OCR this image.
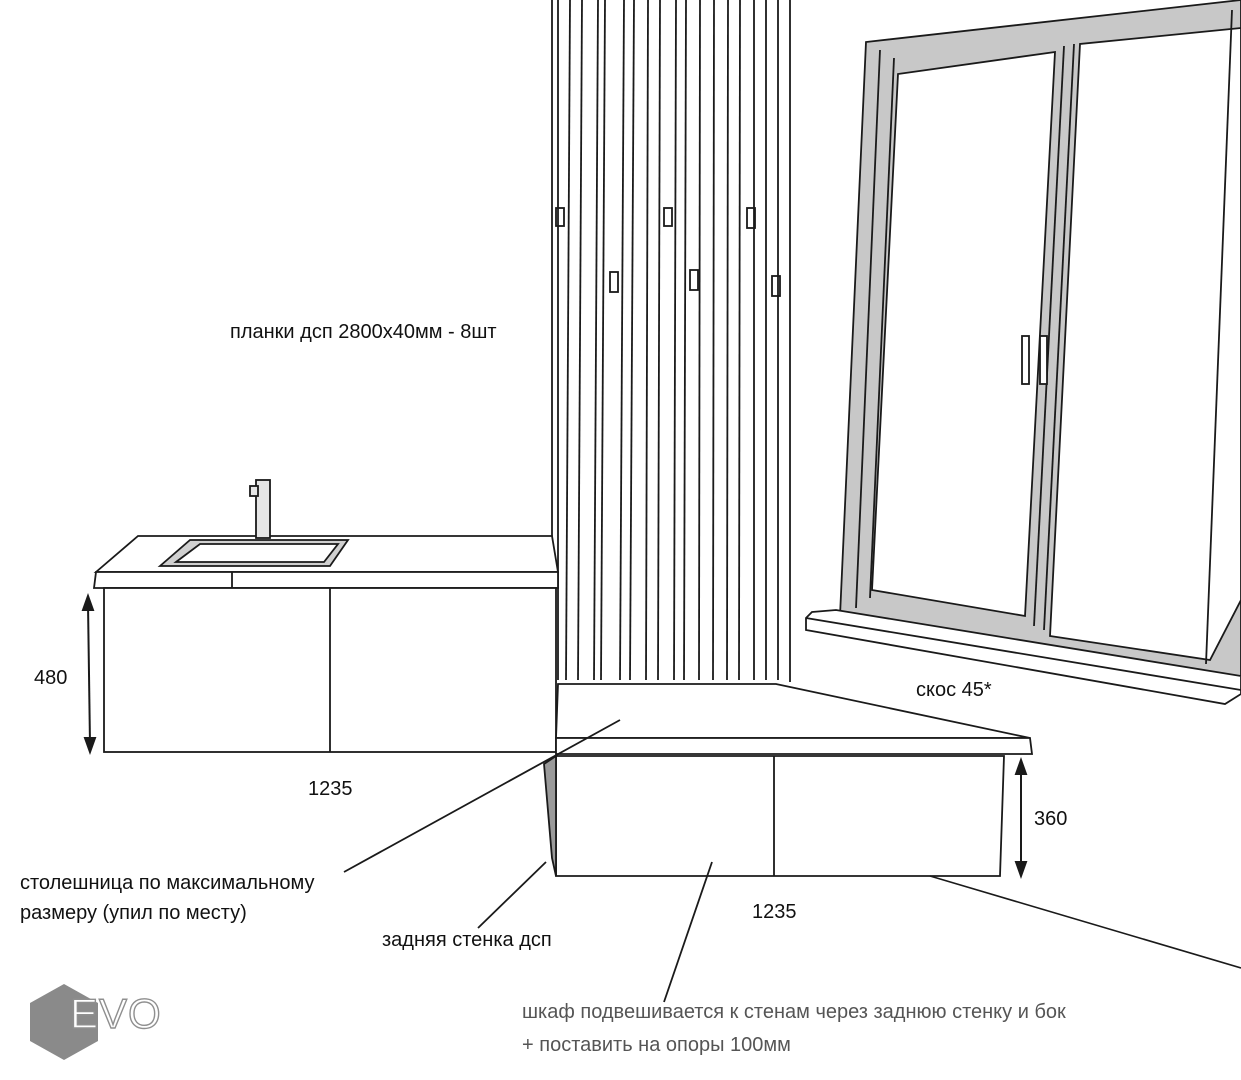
планки дсп 2800x40мм - 8шт
скос 45*
480
1235
360
1235
столешница по максимальному
размеру (упил по месту)
задняя стенка дсп
шкаф подвешивается к стенам через заднюю стенку и бок
+ поставить на опоры 100мм
EVO
